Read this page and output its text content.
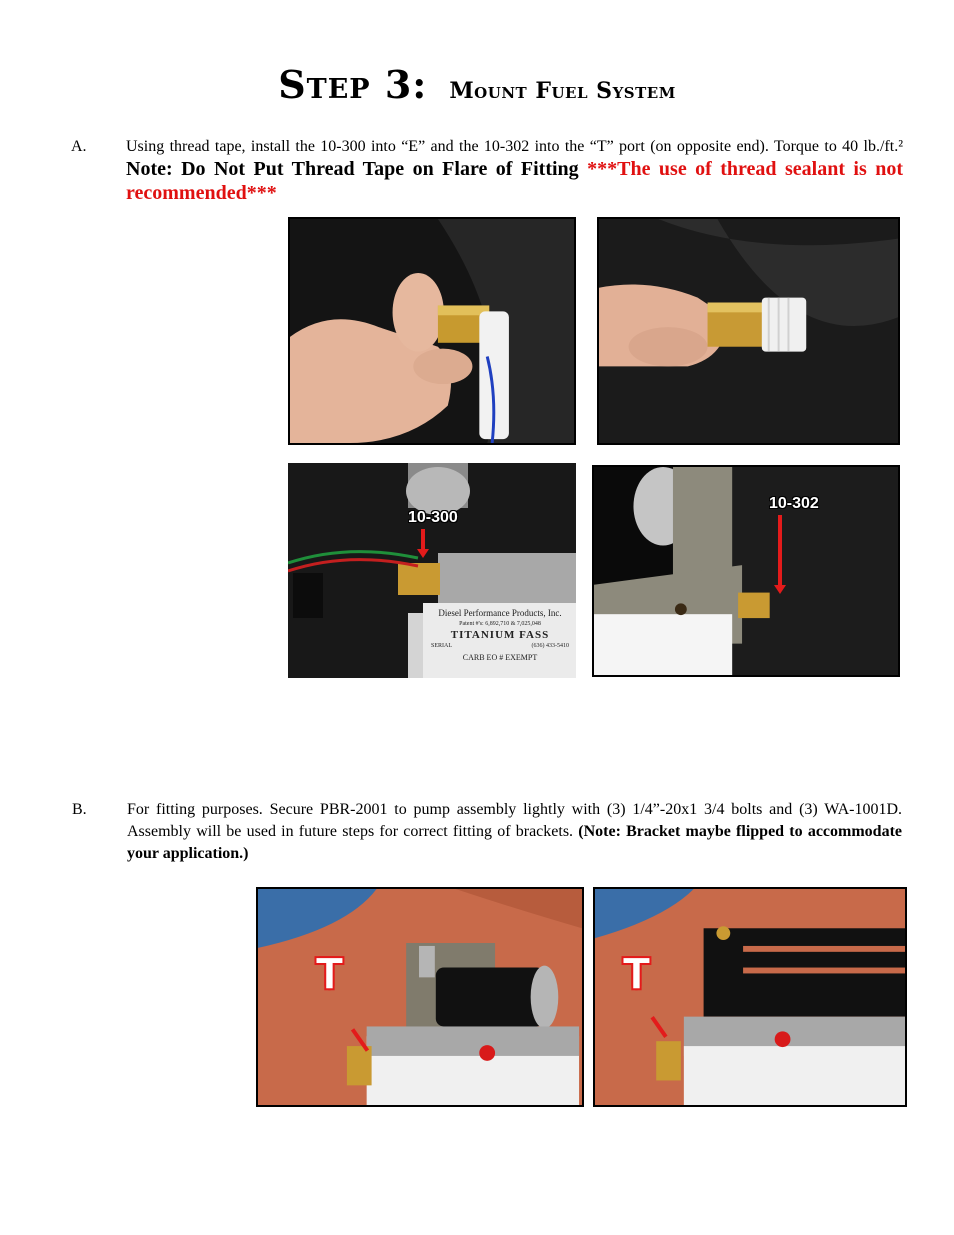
Step 3: Mount Fuel System
A. Using thread tape, install the 10-300 into “E” and the 10-302 into the “T” port (on opposite end). Torque to 40 lb./ft.² Note: Do Not Put Thread Tape on Flare of Fitting ***The use of thread sealant is not recommended***
10-300
Diesel Performance Products, Inc.
Patent #'s: 6,892,710 & 7,025,048
TITANIUM FASS
SERIAL	(636) 433-5410
CARB EO # EXEMPT
10-302
B.	For fitting purposes. Secure PBR-2001 to pump assembly lightly with (3) 1/4”-20x1 3/4 bolts and (3) WA-1001D. Assembly will be used in future steps for correct fitting of brackets. (Note: Bracket maybe flipped to accommodate your application.)
T	T
